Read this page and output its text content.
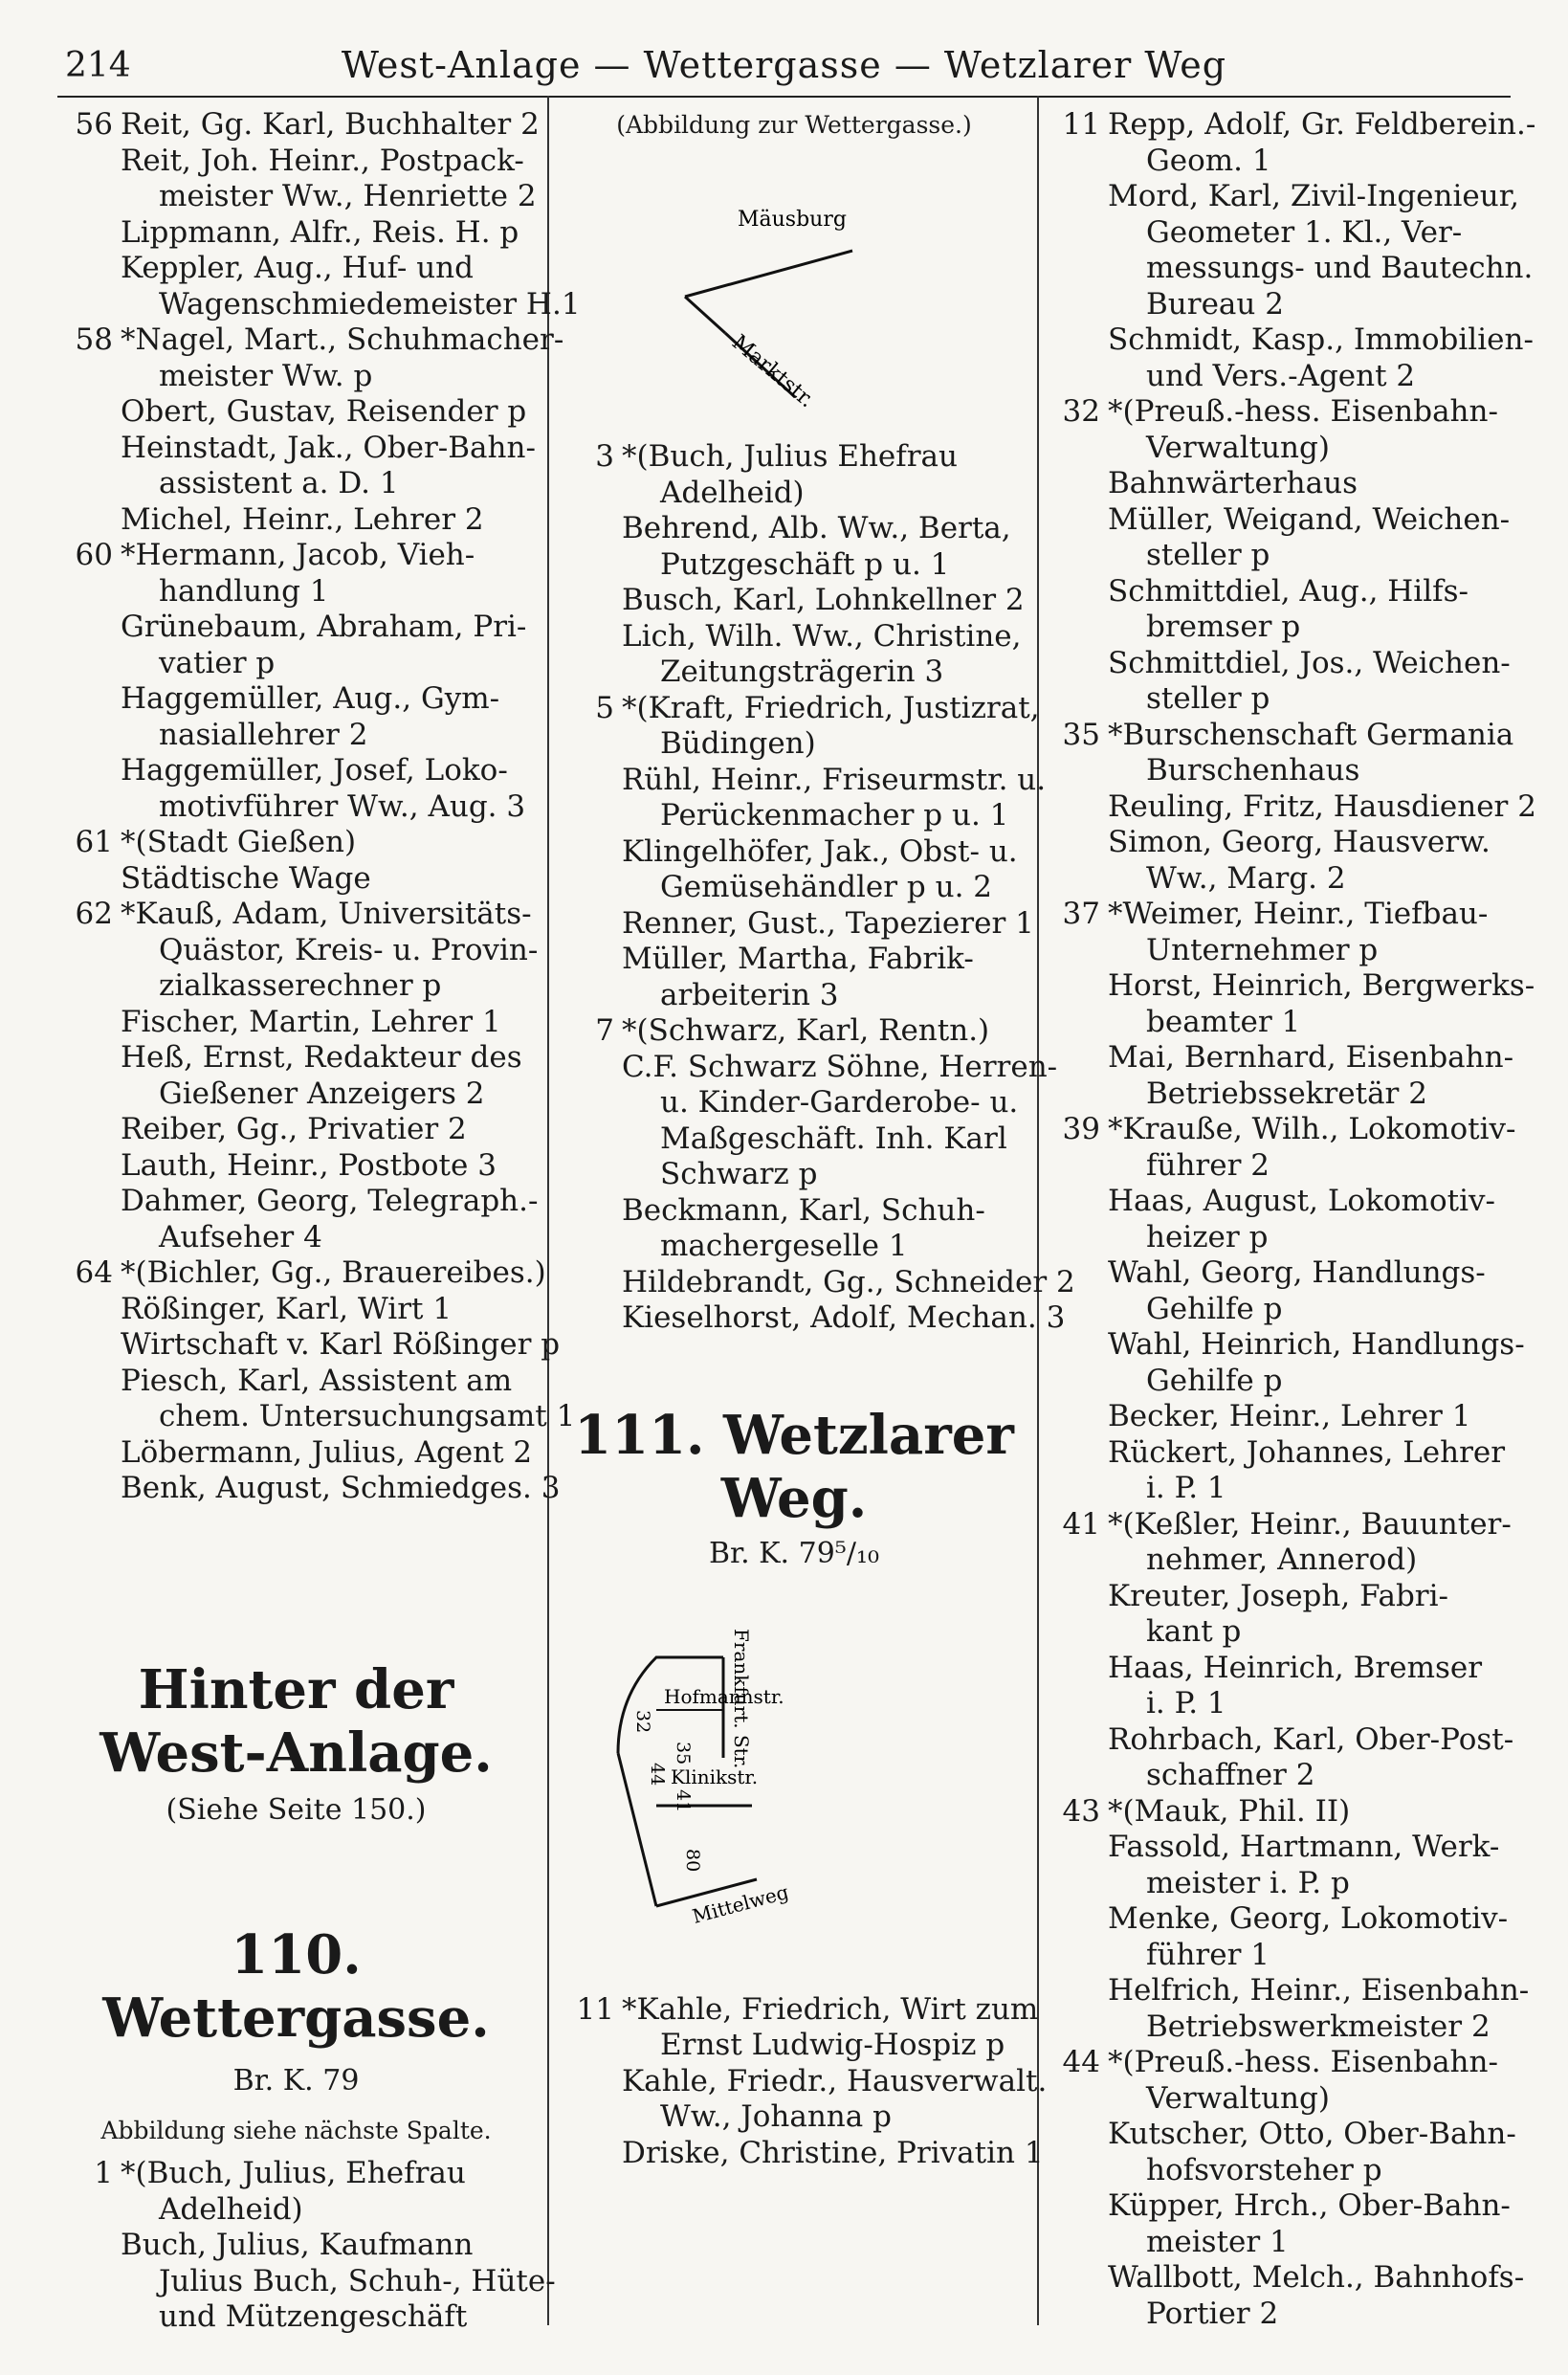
214	West-Anlage — Wettergasse — Wetzlarer Weg
56 Reit, Gg. Karl, Buchhalter 2
Reit, Joh. Heinr., Postpack-
meister Ww., Henriette 2
Lippmann, Alfr., Reis. H. p
Keppler, Aug., Huf- und
Wagenschmiedemeister H.1
58 *Nagel, Mart., Schuhmacher-
meister Ww. p
Obert, Gustav, Reisender p
Heinstadt, Jak., Ober-Bahn-
assistent a. D. 1
Michel, Heinr., Lehrer 2
60 *Hermann, Jacob, Vieh-
handlung 1
Grünebaum, Abraham, Pri-
vatier p
Haggemüller, Aug., Gym-
nasiallehrer 2
Haggemüller, Josef, Loko-
motivführer Ww., Aug. 3
61 *(Stadt Gießen)
Städtische Wage
62 *Kauß, Adam, Universitäts-
Quästor, Kreis- u. Provin-
zialkasserechner p
Fischer, Martin, Lehrer 1
Heß, Ernst, Redakteur des
Gießener Anzeigers 2
Reiber, Gg., Privatier 2
Lauth, Heinr., Postbote 3
Dahmer, Georg, Telegraph.-
Aufseher 4
64 *(Bichler, Gg., Brauereibes.)
Rößinger, Karl, Wirt 1
Wirtschaft v. Karl Rößinger p
Piesch, Karl, Assistent am
chem. Untersuchungsamt 1
Löbermann, Julius, Agent 2
Benk, August, Schmiedges. 3
Hinter der
West-Anlage.
(Siehe Seite 150.)
110. Wettergasse.
Br. K. 79
Abbildung siehe nächste Spalte.
1 *(Buch, Julius, Ehefrau
Adelheid)
Buch, Julius, Kaufmann
Julius Buch, Schuh-, Hüte-
und Mützengeschäft
(Abbildung zur Wettergasse.)
Mäusburg
Marktstr.
3 *(Buch, Julius Ehefrau
Adelheid)
Behrend, Alb. Ww., Berta,
Putzgeschäft p u. 1
Busch, Karl, Lohnkellner 2
Lich, Wilh. Ww., Christine,
Zeitungsträgerin 3
5 *(Kraft, Friedrich, Justizrat,
Büdingen)
Rühl, Heinr., Friseurmstr. u.
Perückenmacher p u. 1
Klingelhöfer, Jak., Obst- u.
Gemüsehändler p u. 2
Renner, Gust., Tapezierer 1
Müller, Martha, Fabrik-
arbeiterin 3
7 *(Schwarz, Karl, Rentn.)
C.F. Schwarz Söhne, Herren-
u. Kinder-Garderobe- u.
Maßgeschäft. Inh. Karl
Schwarz p
Beckmann, Karl, Schuh-
machergeselle 1
Hildebrandt, Gg., Schneider 2
Kieselhorst, Adolf, Mechan. 3
111. Wetzlarer Weg.
Br. K. 79⁵/₁₀
Frankfurt. Str.
Hofmannstr.
Klinikstr.
Mittelweg
32
44
35
41
80
11 *Kahle, Friedrich, Wirt zum
Ernst Ludwig-Hospiz p
Kahle, Friedr., Hausverwalt.
Ww., Johanna p
Driske, Christine, Privatin 1
11 Repp, Adolf, Gr. Feldberein.-
Geom. 1
Mord, Karl, Zivil-Ingenieur,
Geometer 1. Kl., Ver-
messungs- und Bautechn.
Bureau 2
Schmidt, Kasp., Immobilien-
und Vers.-Agent 2
32 *(Preuß.-hess. Eisenbahn-
Verwaltung)
Bahnwärterhaus
Müller, Weigand, Weichen-
steller p
Schmittdiel, Aug., Hilfs-
bremser p
Schmittdiel, Jos., Weichen-
steller p
35 *Burschenschaft Germania
Burschenhaus
Reuling, Fritz, Hausdiener 2
Simon, Georg, Hausverw.
Ww., Marg. 2
37 *Weimer, Heinr., Tiefbau-
Unternehmer p
Horst, Heinrich, Bergwerks-
beamter 1
Mai, Bernhard, Eisenbahn-
Betriebssekretär 2
39 *Krauße, Wilh., Lokomotiv-
führer 2
Haas, August, Lokomotiv-
heizer p
Wahl, Georg, Handlungs-
Gehilfe p
Wahl, Heinrich, Handlungs-
Gehilfe p
Becker, Heinr., Lehrer 1
Rückert, Johannes, Lehrer
i. P. 1
41 *(Keßler, Heinr., Bauunter-
nehmer, Annerod)
Kreuter, Joseph, Fabri-
kant p
Haas, Heinrich, Bremser
i. P. 1
Rohrbach, Karl, Ober-Post-
schaffner 2
43 *(Mauk, Phil. II)
Fassold, Hartmann, Werk-
meister i. P. p
Menke, Georg, Lokomotiv-
führer 1
Helfrich, Heinr., Eisenbahn-
Betriebswerkmeister 2
44 *(Preuß.-hess. Eisenbahn-
Verwaltung)
Kutscher, Otto, Ober-Bahn-
hofsvorsteher p
Küpper, Hrch., Ober-Bahn-
meister 1
Wallbott, Melch., Bahnhofs-
Portier 2
